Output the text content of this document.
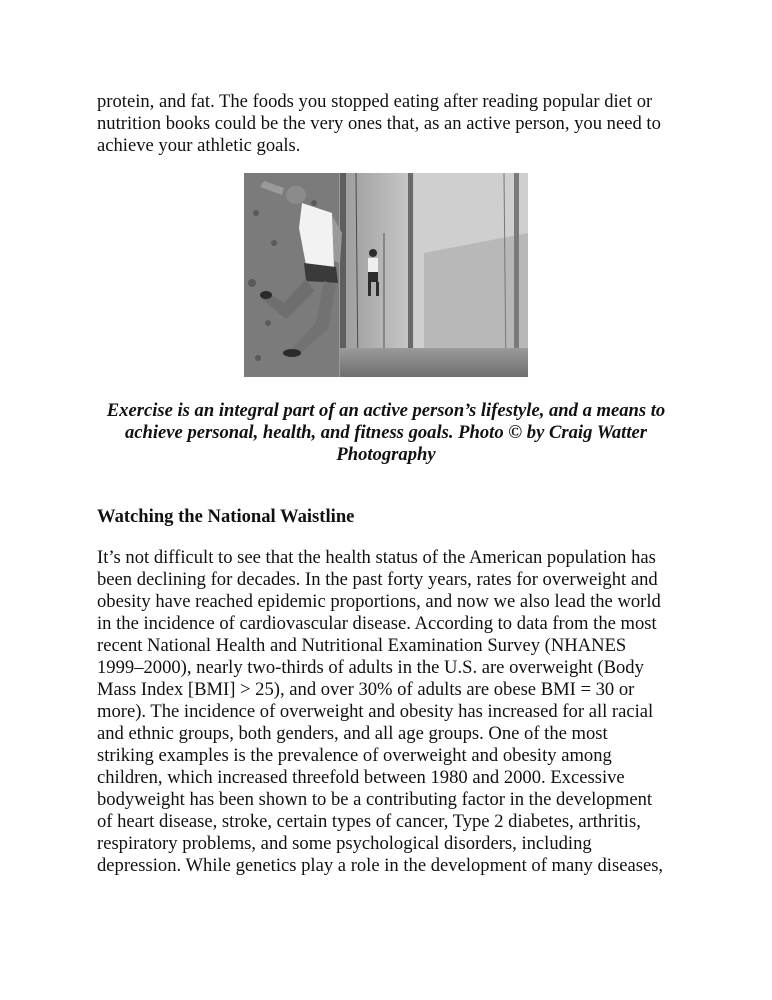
protein, and fat. The foods you stopped eating after reading popular diet or
nutrition books could be the very ones that, as an active person, you need to
achieve your athletic goals.
Exercise is an integral part of an active person’s lifestyle, and a means to
achieve personal, health, and fitness goals. Photo © by Craig Watter
Photography
Watching the National Waistline
It’s not difficult to see that the health status of the American population has
been declining for decades. In the past forty years, rates for overweight and
obesity have reached epidemic proportions, and now we also lead the world
in the incidence of cardiovascular disease. According to data from the most
recent National Health and Nutritional Examination Survey (NHANES
1999–2000), nearly two-thirds of adults in the U.S. are overweight (Body
Mass Index [BMI] > 25), and over 30% of adults are obese BMI = 30 or
more). The incidence of overweight and obesity has increased for all racial
and ethnic groups, both genders, and all age groups. One of the most
striking examples is the prevalence of overweight and obesity among
children, which increased threefold between 1980 and 2000. Excessive
bodyweight has been shown to be a contributing factor in the development
of heart disease, stroke, certain types of cancer, Type 2 diabetes, arthritis,
respiratory problems, and some psychological disorders, including
depression. While genetics play a role in the development of many diseases,
